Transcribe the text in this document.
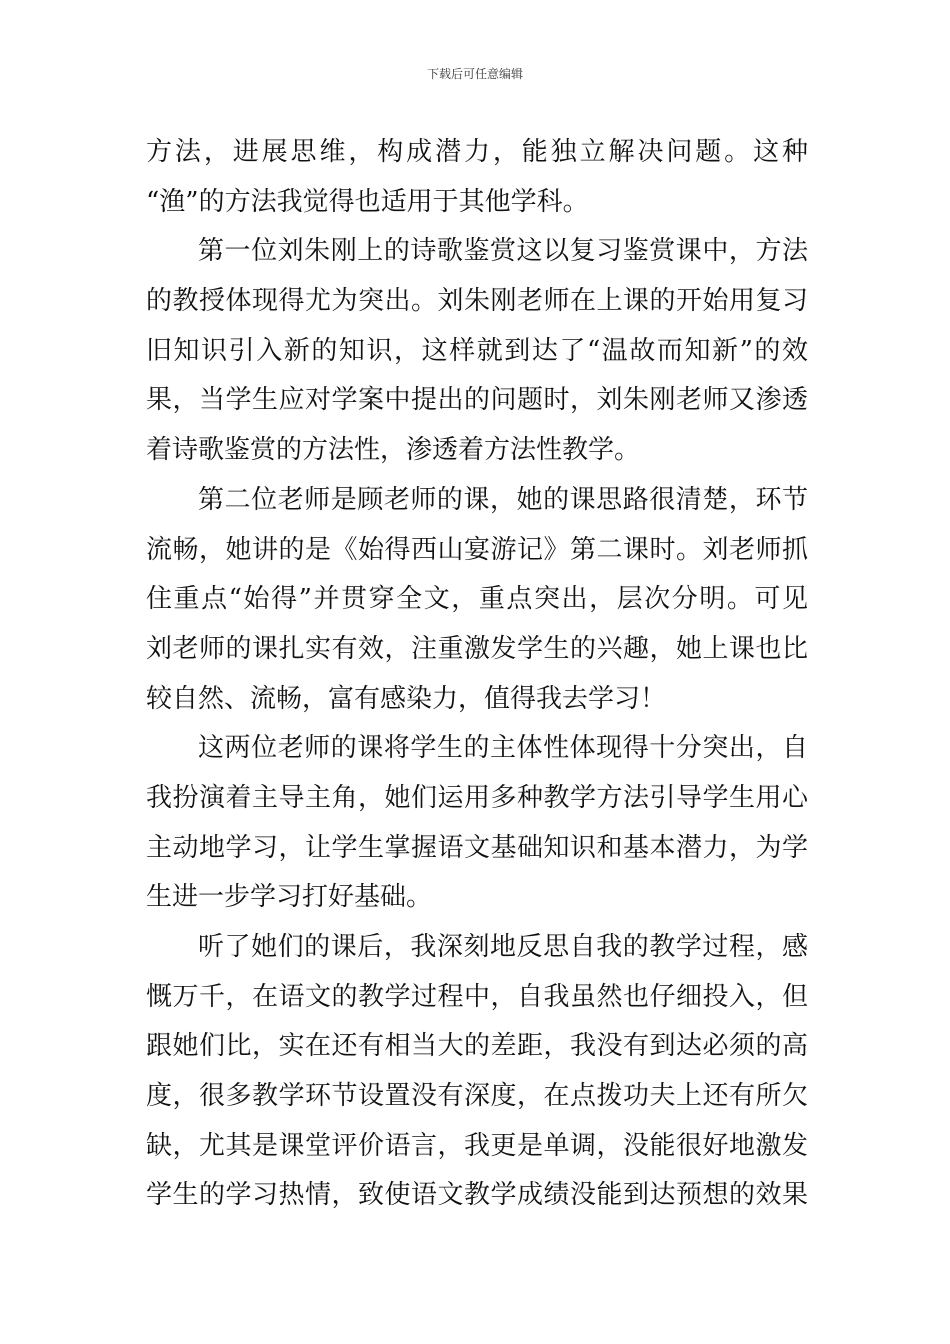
下载后可任意编辑
方法，进展思维，构成潜力，能独立解决问题。这种
“渔”的方法我觉得也适用于其他学科。
第一位刘朱刚上的诗歌鉴赏这以复习鉴赏课中，方法
的教授体现得尤为突出。刘朱刚老师在上课的开始用复习
旧知识引入新的知识，这样就到达了“温故而知新”的效
果，当学生应对学案中提出的问题时，刘朱刚老师又渗透
着诗歌鉴赏的方法性，渗透着方法性教学。
第二位老师是顾老师的课，她的课思路很清楚，环节
流畅，她讲的是《始得西山宴游记》第二课时。刘老师抓
住重点“始得”并贯穿全文，重点突出，层次分明。可见
刘老师的课扎实有效，注重激发学生的兴趣，她上课也比
较自然、流畅，富有感染力，值得我去学习！
这两位老师的课将学生的主体性体现得十分突出，自
我扮演着主导主角，她们运用多种教学方法引导学生用心
主动地学习，让学生掌握语文基础知识和基本潜力，为学
生进一步学习打好基础。
听了她们的课后，我深刻地反思自我的教学过程，感
慨万千，在语文的教学过程中，自我虽然也仔细投入，但
跟她们比，实在还有相当大的差距，我没有到达必须的高
度，很多教学环节设置没有深度，在点拨功夫上还有所欠
缺，尤其是课堂评价语言，我更是单调，没能很好地激发
学生的学习热情，致使语文教学成绩没能到达预想的效果
